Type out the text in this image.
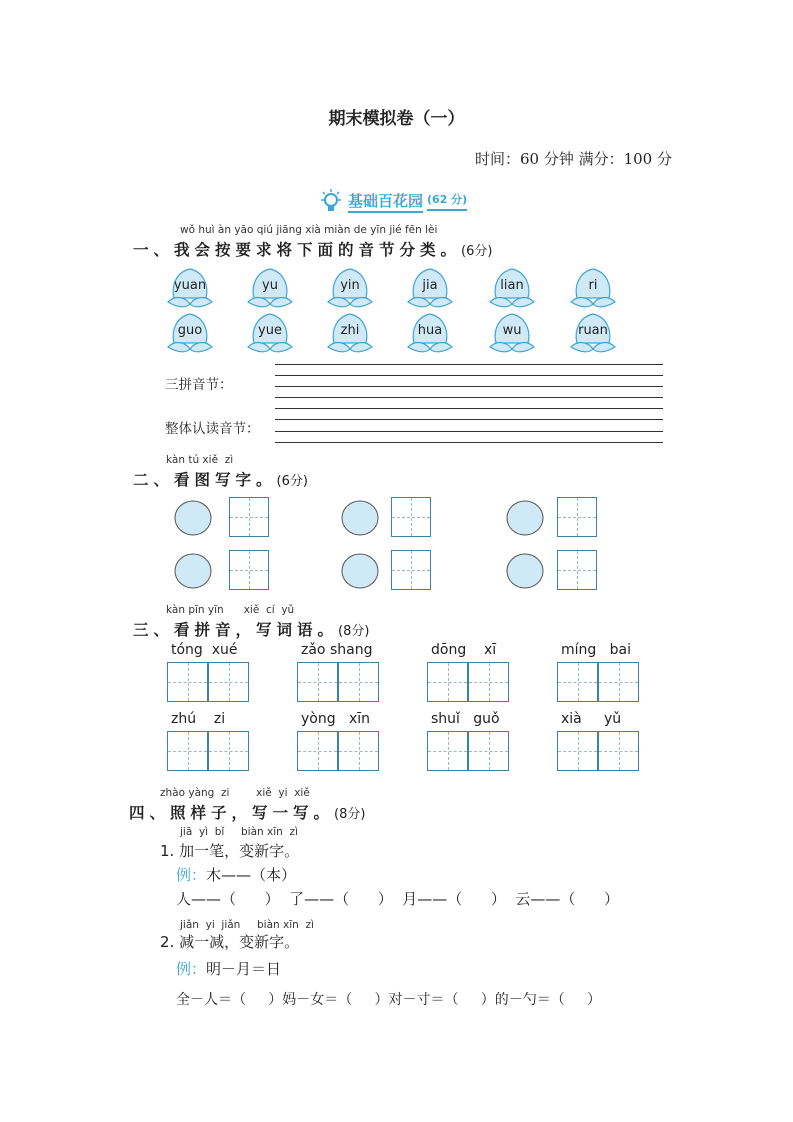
期末模拟卷（一）
时间：60 分钟 满分：100 分
基础百花园 (62 分)
wǒ huì àn yāo qiú jiāng xià miàn de yīn jié fēn lèi
一、我会按要求将下面的音节分类。(6分)
yuan	yu	yin	jia	lian	ri
guo	yue	zhi	hua	wu	ruan
三拼音节：
整体认读音节：
kàn tú xiě  zì
二、看图写字。(6分)
kàn pīn yīn      xiě  cí  yǔ
三、看拼音，写词语。(8分)
tóng  xué	zǎo shang	dōng    xī	míng   bai
zhú    zi	yòng   xīn	shuǐ   guǒ	xià     yǔ
zhào yàng  zi        xiě  yi  xiě
四、照样子，写一写。(8分)
jiā  yì  bǐ     biàn xīn  zì
1. 加一笔，变新字。
例：木——（本）
人——（      ）  了——（      ）  月——（      ）  云——（      ）
jiǎn  yi  jiǎn     biàn xīn  zì
2. 减一减，变新字。
例：明－月＝日
全－人＝（     ）妈－女＝（     ）对－寸＝（     ）的－勺＝（     ）
